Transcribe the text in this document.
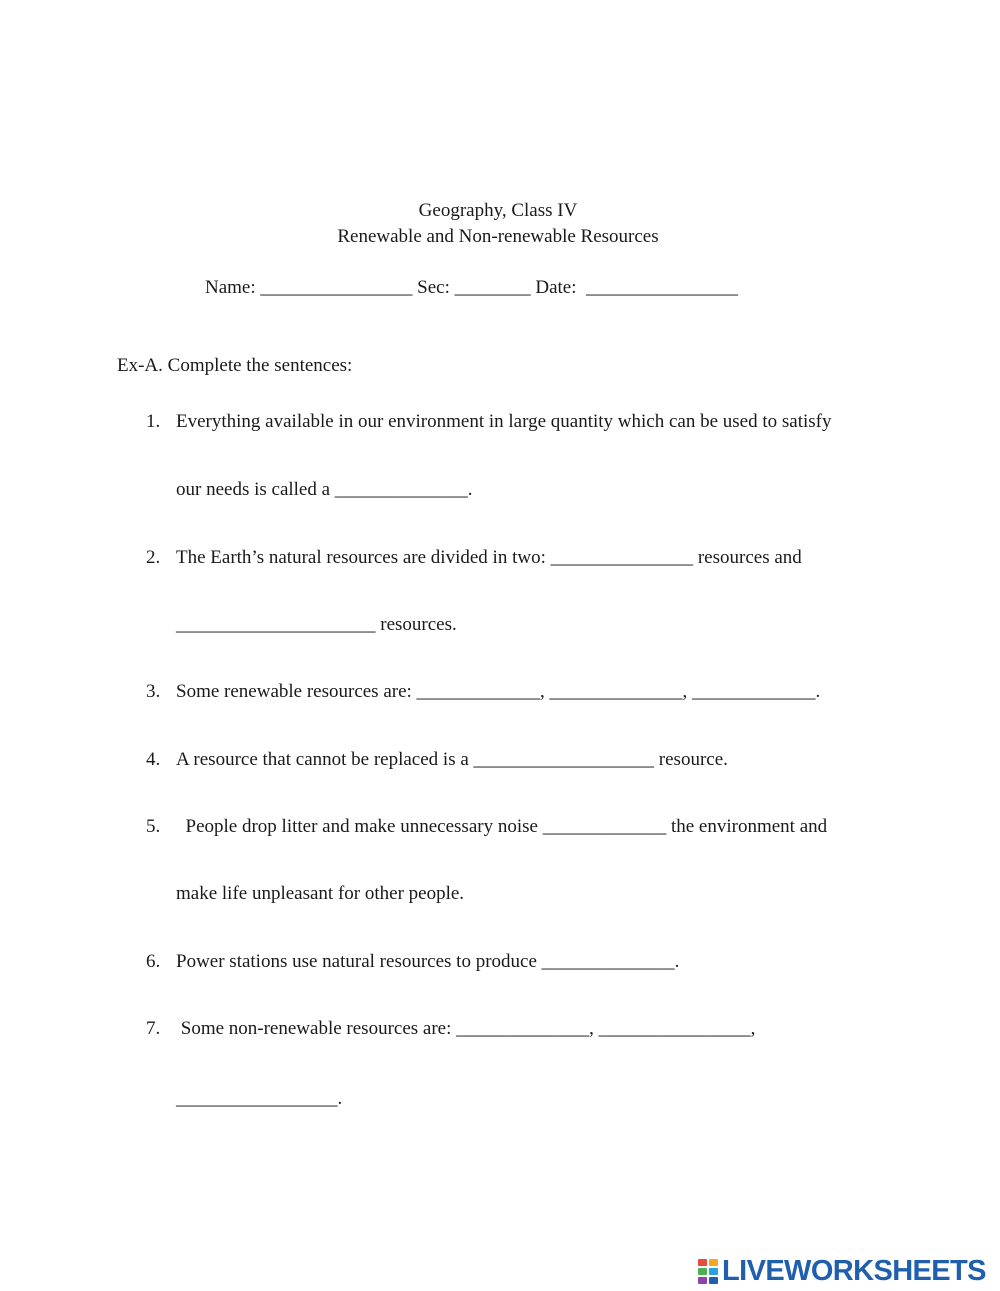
Geography, Class IV
Renewable and Non-renewable Resources
Name: ________________ Sec: ________ Date:  ________________
Ex-A. Complete the sentences:
1. Everything available in our environment in large quantity which can be used to satisfy
our needs is called a ______________.
2. The Earth’s natural resources are divided in two: _______________ resources and
_____________________ resources.
3. Some renewable resources are: _____________, ______________, _____________.
4. A resource that cannot be replaced is a ___________________ resource.
5. People drop litter and make unnecessary noise _____________ the environment and
make life unpleasant for other people.
6. Power stations use natural resources to produce ______________.
7. Some non-renewable resources are: ______________, ________________,
_________________.
LIVEWORKSHEETS
